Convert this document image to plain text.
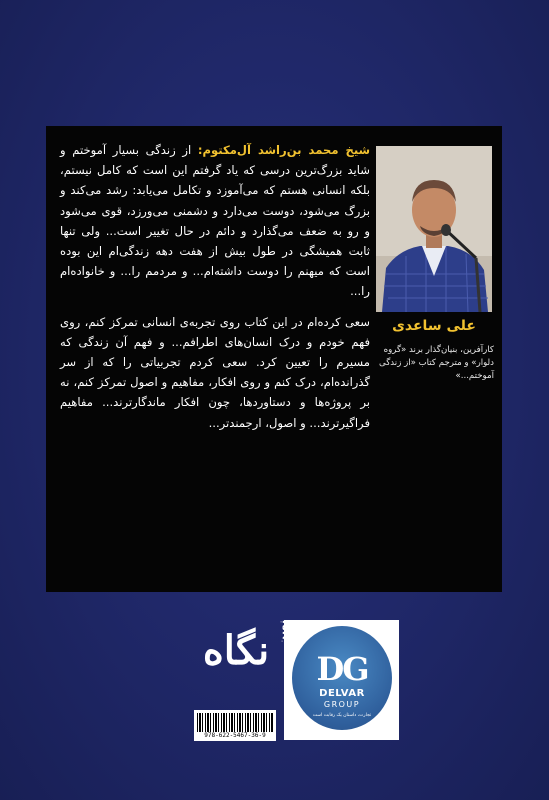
شیخ محمد بن‌راشد آل‌مکتوم: از زندگی بسیار آموختم و شاید بزرگ‌ترین درسی که یاد گرفتم این است که کامل نیستم، بلکه انسانی هستم که می‌آموزد و تکامل می‌یابد: رشد می‌کند و بزرگ می‌شود، دوست می‌دارد و دشمنی می‌ورزد، قوی می‌شود و رو به ضعف می‌گذارد و دائم در حال تغییر است... ولی تنها ثابت همیشگی در طول بیش از هفت دهه زندگی‌ام این بوده است که میهنم را دوست داشته‌ام... و مردمم را... و خانواده‌ام را...

سعی کرده‌ام در این کتاب روی تجربه‌ی انسانی تمرکز کنم، روی فهم خودم و درک انسان‌های اطرافم... و فهم آن زندگی که مسیرم را تعیین کرد. سعی کردم تجربیاتی را که از سر گذرانده‌ام، درک کنم و روی افکار، مفاهیم و اصول تمرکز کنم، نه بر پروژه‌ها و دستاوردها، چون افکار ماندگارترند... مفاهیم فراگیرترند... و اصول، ارجمندتر...

علی ساعدی
کارآفرین، بنیان‌گذار برند «گروه دلوار» و مترجم کتاب «از زندگی آموختم...»
DG
DELVAR
GROUP
تجارت، داستان یک رقابت است
نگاه نوین
978-622-5467-36-9
